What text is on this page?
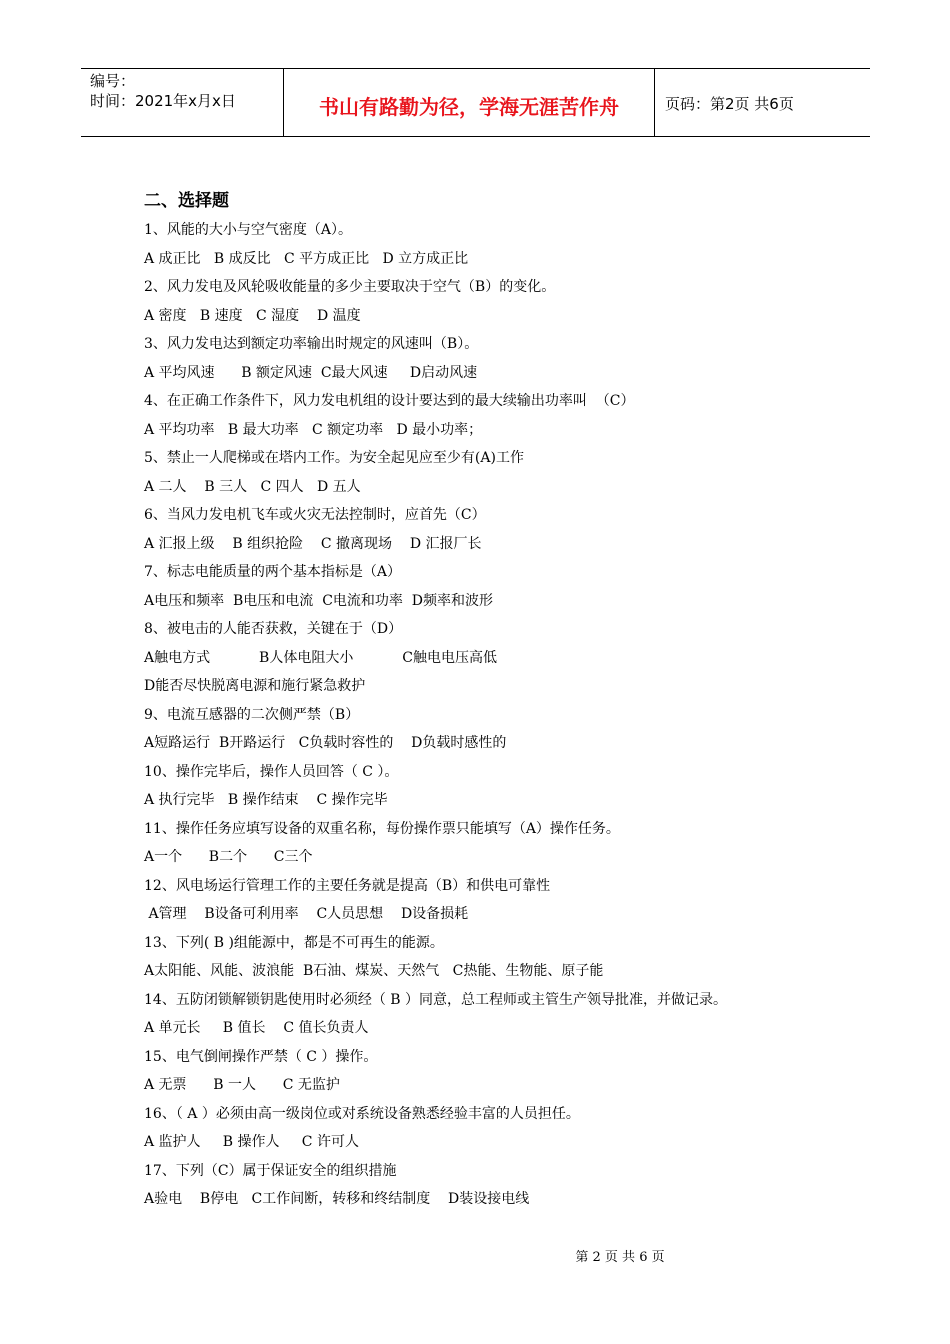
编号：
时间：2021年x月x日	书山有路勤为径，学海无涯苦作舟	页码：第2页 共6页
二、选择题
1、风能的大小与空气密度（A）。
A 成正比   B 成反比   C 平方成正比   D 立方成正比
2、风力发电及风轮吸收能量的多少主要取决于空气（B）的变化。
A 密度   B 速度   C 湿度    D 温度
3、风力发电达到额定功率输出时规定的风速叫（B）。
A 平均风速      B 额定风速  C最大风速     D启动风速
4、在正确工作条件下，风力发电机组的设计要达到的最大续输出功率叫  （C）
A 平均功率   B 最大功率   C 额定功率   D 最小功率；
5、禁止一人爬梯或在塔内工作。为安全起见应至少有(A)工作
A 二人    B 三人   C 四人   D 五人
6、当风力发电机飞车或火灾无法控制时，应首先（C）
A 汇报上级    B 组织抢险    C 撤离现场    D 汇报厂长
7、标志电能质量的两个基本指标是（A）
A电压和频率  B电压和电流  C电流和功率  D频率和波形
8、被电击的人能否获救，关键在于（D）
A触电方式           B人体电阻大小           C触电电压高低
D能否尽快脱离电源和施行紧急救护
9、电流互感器的二次侧严禁（B）
A短路运行  B开路运行   C负载时容性的    D负载时感性的
10、操作完毕后，操作人员回答（ C ）。
A 执行完毕   B 操作结束    C 操作完毕
11、操作任务应填写设备的双重名称，每份操作票只能填写（A）操作任务。
A一个      B二个      C三个
12、风电场运行管理工作的主要任务就是提高（B）和供电可靠性
A管理    B设备可利用率    C人员思想    D设备损耗
13、下列( B )组能源中，都是不可再生的能源。
A太阳能、风能、波浪能  B石油、煤炭、天然气   C热能、生物能、原子能
14、五防闭锁解锁钥匙使用时必须经（ B ）同意，总工程师或主管生产领导批准，并做记录。
A 单元长     B 值长    C 值长负责人
15、电气倒闸操作严禁（ C ）操作。
A 无票      B 一人      C 无监护
16、（ A ）必须由高一级岗位或对系统设备熟悉经验丰富的人员担任。
A 监护人     B 操作人     C 许可人
17、下列（C）属于保证安全的组织措施
A验电    B停电   C工作间断，转移和终结制度    D装设接电线
第 2 页 共 6 页
